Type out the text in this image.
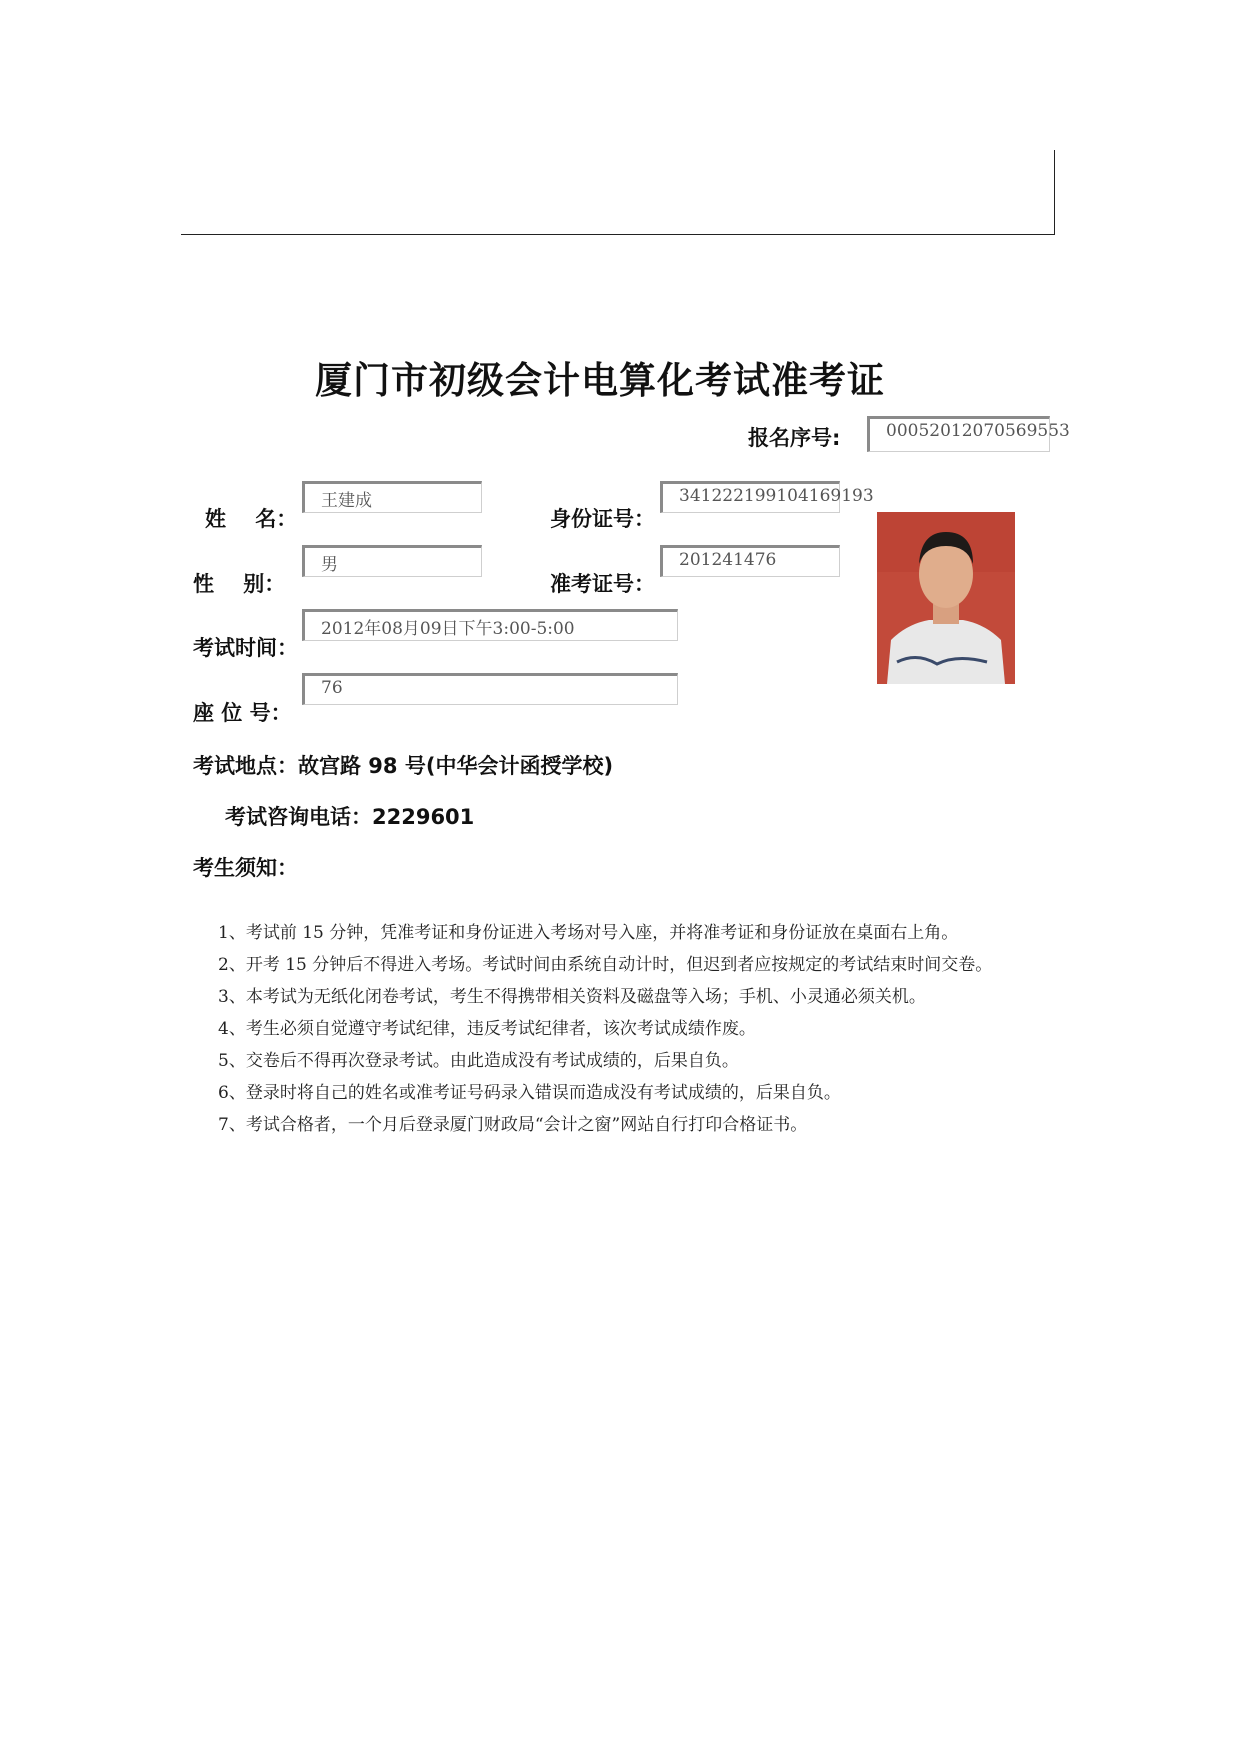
厦门市初级会计电算化考试准考证
报名序号:	00052012070569553
姓    名：
王建成
身份证号：
341222199104169193
性    别：
男
准考证号：
201241476
考试时间：
2012年08月09日下午3:00-5:00
座 位 号：
76
考试地点：故宫路 98 号(中华会计函授学校)
考试咨询电话：2229601
考生须知：
1、考试前 15 分钟，凭准考证和身份证进入考场对号入座，并将准考证和身份证放在桌面右上角。
2、开考 15 分钟后不得进入考场。考试时间由系统自动计时，但迟到者应按规定的考试结束时间交卷。
3、本考试为无纸化闭卷考试，考生不得携带相关资料及磁盘等入场；手机、小灵通必须关机。
4、考生必须自觉遵守考试纪律，违反考试纪律者，该次考试成绩作废。
5、交卷后不得再次登录考试。由此造成没有考试成绩的，后果自负。
6、登录时将自己的姓名或准考证号码录入错误而造成没有考试成绩的，后果自负。
7、考试合格者，一个月后登录厦门财政局“会计之窗”网站自行打印合格证书。
